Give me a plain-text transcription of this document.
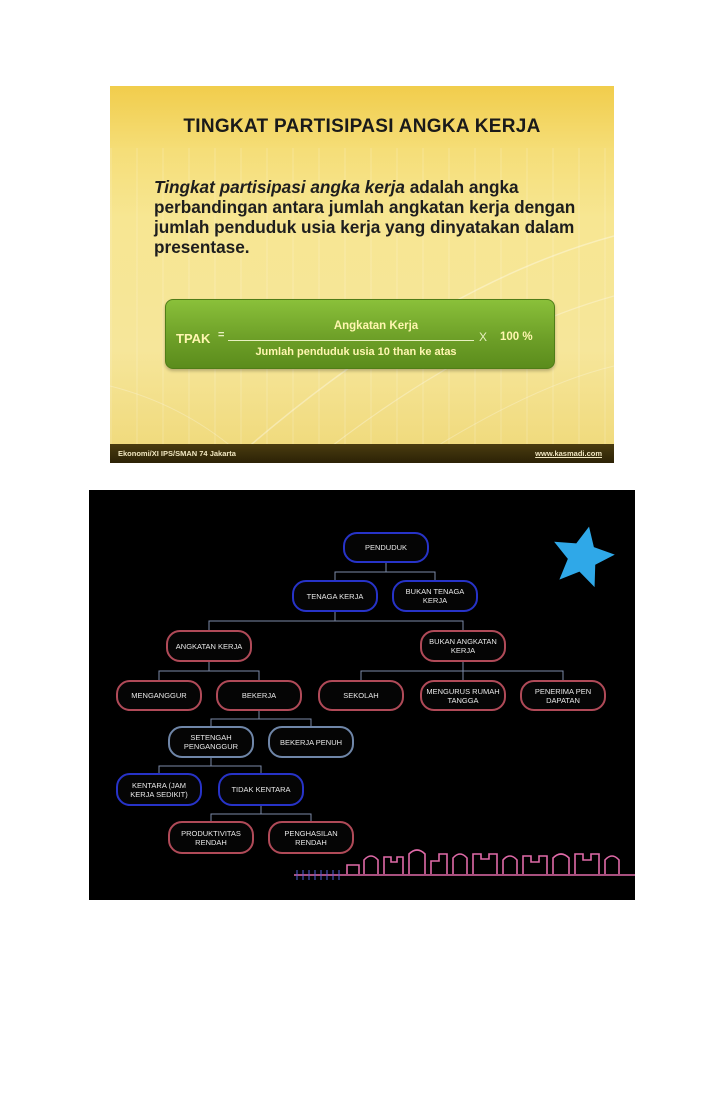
TINGKAT PARTISIPASI ANGKA KERJA
Tingkat partisipasi angka kerja adalah angka perbandingan antara jumlah angkatan kerja dengan jumlah penduduk usia kerja yang dinyatakan dalam presentase.
TPAK =
Angkatan Kerja
X
Jumlah penduduk usia 10 than ke atas
100 %
Ekonomi/XI IPS/SMAN 74 Jakarta	www.kasmadi.com
PENDUDUK
TENAGA KERJA	BUKAN TENAGA KERJA
ANGKATAN KERJA	BUKAN ANGKATAN KERJA
MENGANGGUR	BEKERJA	SEKOLAH	MENGURUS RUMAH TANGGA
PENERIMA PEN DAPATAN
SETENGAH PENGANGGUR	BEKERJA PENUH
KENTARA (JAM KERJA SEDIKIT)	TIDAK KENTARA
PRODUKTIVITAS RENDAH
PENGHASILAN RENDAH
